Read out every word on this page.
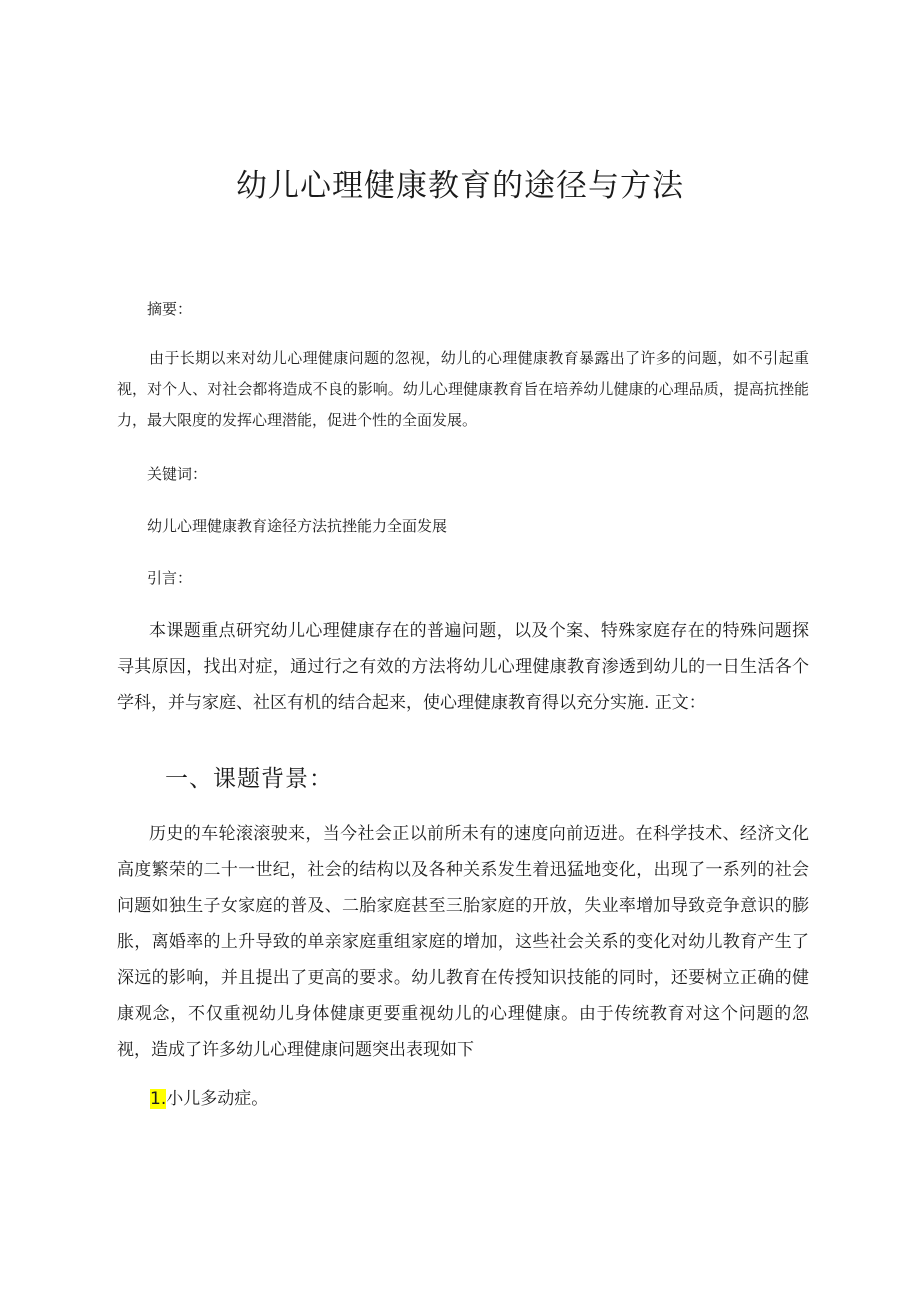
幼儿心理健康教育的途径与方法
摘要：
由于长期以来对幼儿心理健康问题的忽视，幼儿的心理健康教育暴露出了许多的问题，如不引起重视，对个人、对社会都将造成不良的影响。幼儿心理健康教育旨在培养幼儿健康的心理品质，提高抗挫能力，最大限度的发挥心理潜能，促进个性的全面发展。
关键词：
幼儿心理健康教育途径方法抗挫能力全面发展
引言：
本课题重点研究幼儿心理健康存在的普遍问题，以及个案、特殊家庭存在的特殊问题探寻其原因，找出对症，通过行之有效的方法将幼儿心理健康教育渗透到幼儿的一日生活各个学科，并与家庭、社区有机的结合起来，使心理健康教育得以充分实施. 正文：
一、课题背景：
历史的车轮滚滚驶来，当今社会正以前所未有的速度向前迈进。在科学技术、经济文化高度繁荣的二十一世纪，社会的结构以及各种关系发生着迅猛地变化，出现了一系列的社会问题如独生子女家庭的普及、二胎家庭甚至三胎家庭的开放，失业率增加导致竞争意识的膨胀，离婚率的上升导致的单亲家庭重组家庭的增加，这些社会关系的变化对幼儿教育产生了深远的影响，并且提出了更高的要求。幼儿教育在传授知识技能的同时，还要树立正确的健康观念，不仅重视幼儿身体健康更要重视幼儿的心理健康。由于传统教育对这个问题的忽视，造成了许多幼儿心理健康问题突出表现如下
1.小儿多动症。
